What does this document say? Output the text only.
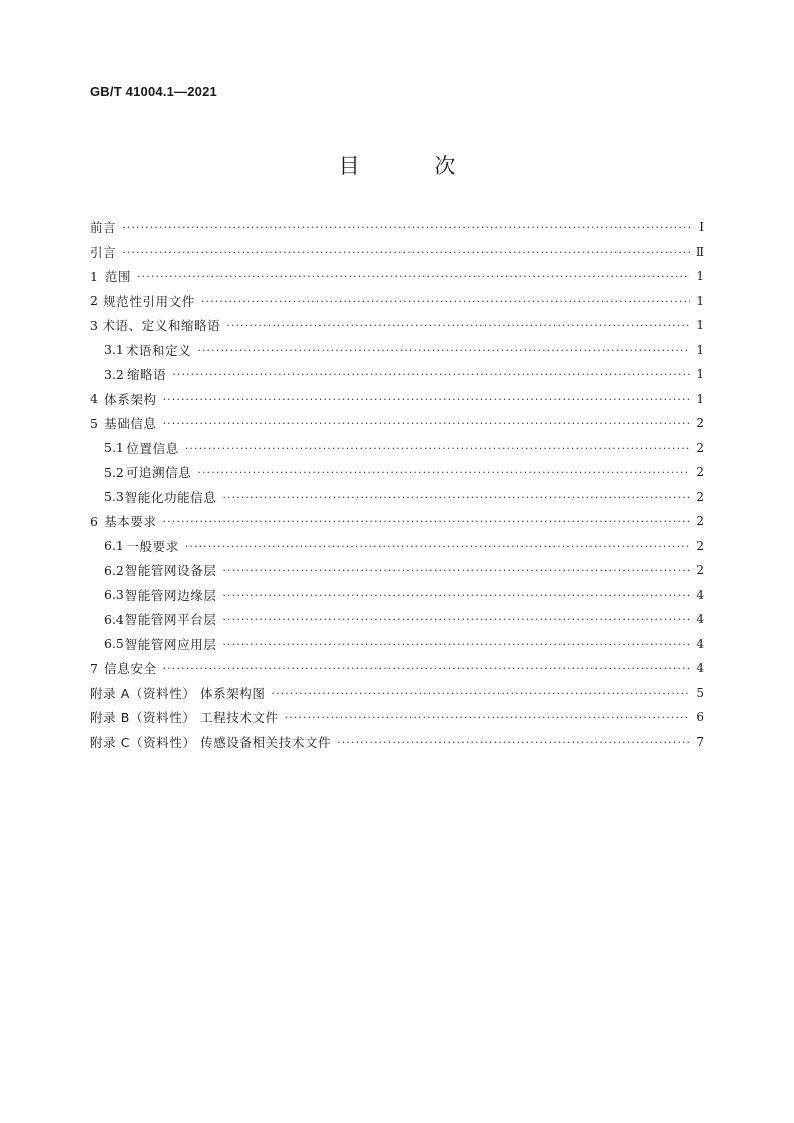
GB/T 41004.1—2021
目 次
前言 ·····	Ⅰ
引言 ·····	Ⅱ
1 范围 ·····	1
2 规范性引用文件 ·····	1
3 术语、定义和缩略语 ·····	1
3.1 术语和定义 ·····	1
3.2 缩略语 ·····	1
4 体系架构 ·····	1
5 基础信息 ·····	2
5.1 位置信息 ·····	2
5.2 可追溯信息 ·····	2
5.3 智能化功能信息 ·····	2
6 基本要求 ·····	2
6.1 一般要求 ·····	2
6.2 智能管网设备层 ·····	2
6.3 智能管网边缘层 ·····	4
6.4 智能管网平台层 ·····	4
6.5 智能管网应用层 ·····	4
7 信息安全 ·····	4
附录 A（资料性） 体系架构图 ·····	5
附录 B（资料性） 工程技术文件 ·····	6
附录 C（资料性） 传感设备相关技术文件 ·····	7
